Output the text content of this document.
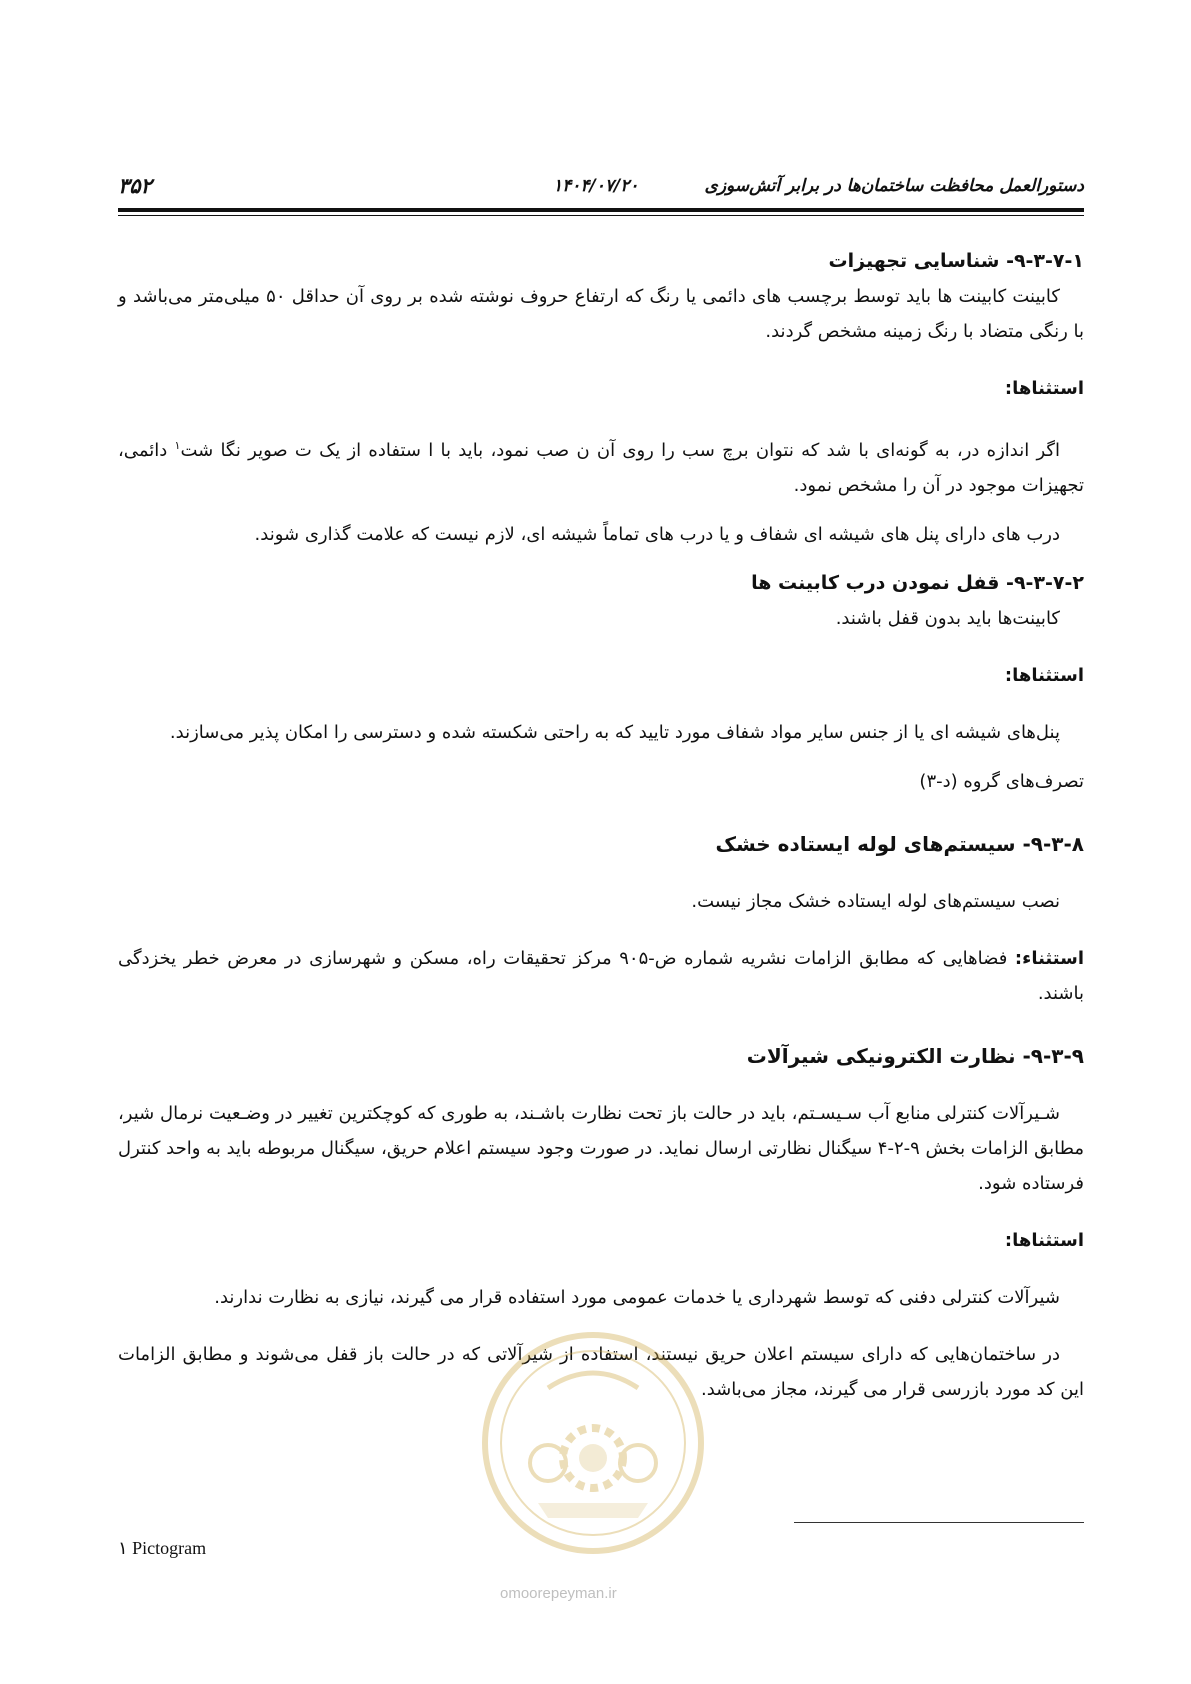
۳۵۲	۱۴۰۴/۰۷/۲۰	دستورالعمل محافظت ساختمان‌ها در برابر آتش‌سوزی

۹-۳-۷-۱- شناسایی تجهیزات

کابینت کابینت ها باید توسط برچسب های دائمی یا رنگ که ارتفاع حروف نوشته شده بر روی آن حداقل ۵۰ میلی‌متر می‌باشد و با رنگی متضاد با رنگ زمینه مشخص گردند.

استثناها:

اگر اندازه در، به گونه‌ای با شد که نتوان برچ سب را روی آن ن صب نمود، باید با ا ستفاده از یک ت صویر نگا شت$^۱$ دائمی، تجهیزات موجود در آن را مشخص نمود.

درب های دارای پنل های شیشه ای شفاف و یا درب های تماماً شیشه ای، لازم نیست که علامت گذاری شوند.

۹-۳-۷-۲- قفل نمودن درب کابینت ها

کابینت‌ها باید بدون قفل باشند.

استثناها:

پنل‌های شیشه ای یا از جنس سایر مواد شفاف مورد تایید که به راحتی شکسته شده و دسترسی را امکان پذیر می‌سازند.

تصرف‌های گروه (د-۳)

۹-۳-۸- سیستم‌های لوله ایستاده خشک

نصب سیستم‌های لوله ایستاده خشک مجاز نیست.

استثناء: فضاهایی که مطابق الزامات نشریه شماره ض-۹۰۵ مرکز تحقیقات راه، مسکن و شهرسازی در معرض خطر یخزدگی باشند.

۹-۳-۹- نظارت الکترونیکی شیرآلات

شـیرآلات کنترلی منابع آب سـیسـتم، باید در حالت باز تحت نظارت باشـند، به طوری که کوچکترین تغییر در وضـعیت نرمال شیر، مطابق الزامات بخش ۹-۲-۴ سیگنال نظارتی ارسال نماید. در صورت وجود سیستم اعلام حریق، سیگنال مربوطه باید به واحد کنترل فرستاده شود.

استثناها:

شیرآلات کنترلی دفنی که توسط شهرداری یا خدمات عمومی مورد استفاده قرار می گیرند، نیازی به نظارت ندارند.

در ساختمان‌هایی که دارای سیستم اعلان حریق نیستند، استفاده از شیرآلاتی که در حالت باز قفل می‌شوند و مطابق الزامات این کد مورد بازرسی قرار می گیرند، مجاز می‌باشد.

omoorepeyman.ir
۱ Pictogram
